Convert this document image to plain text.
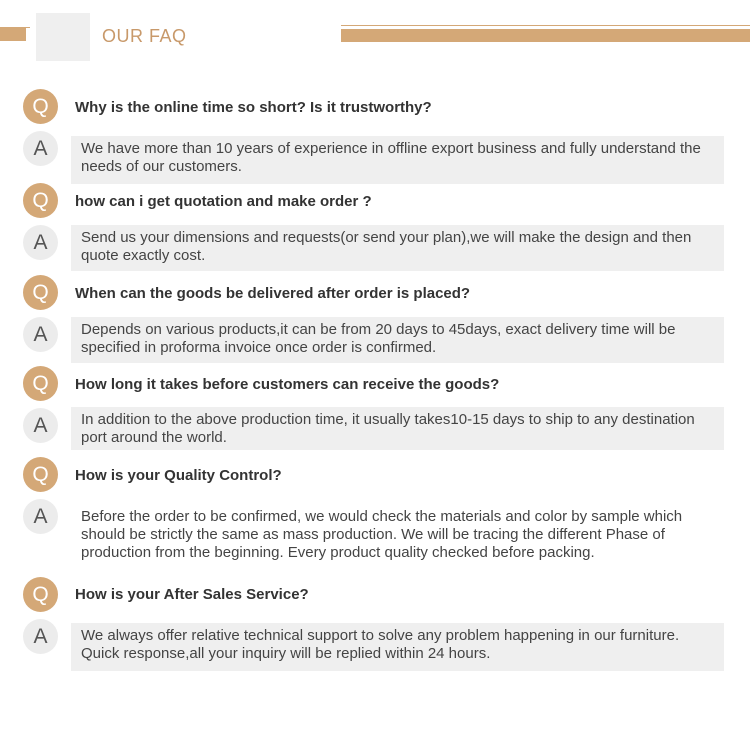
OUR FAQ
Q	Why is the online time so short? Is it trustworthy?
A	We have more than 10 years of experience in offline export business and fully understand the needs of our customers.
Q	how can i get quotation and make order ?
A	Send us your dimensions and requests(or send your plan),we will make the design and then quote exactly cost.
Q	When can the goods be delivered after order is placed?
A	Depends on various products,it can be from 20 days to 45days, exact delivery time will be specified in proforma invoice once order is confirmed.
Q	How long it takes before customers can receive the goods?
A	In addition to the above production time, it usually takes10-15 days to ship to any destination port around the world.
Q	How is your Quality Control?
A	Before the order to be confirmed, we would check the materials and color by sample which should be strictly the same as mass production. We will be tracing the different Phase of production from the beginning. Every product quality checked before packing.
Q	How is your After Sales Service?
A	We always offer relative technical support to solve any problem happening in our furniture. Quick response,all your inquiry will be replied within 24 hours.
